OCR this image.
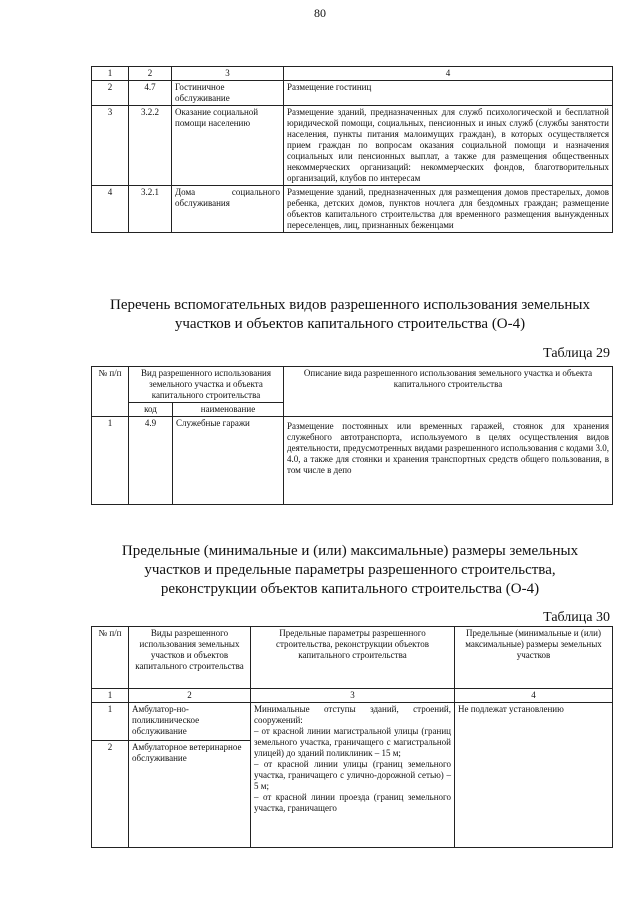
80
1	2	3	4
2	4.7	Гостиничное обслуживание	Размещение гостиниц
3	3.2.2	Оказание социальной помощи населению	Размещение зданий, предназначенных для служб психологической и бесплатной юридической помощи, социальных, пенсионных и иных служб (службы занятости населения, пункты питания малоимущих граждан), в которых осуществляется прием граждан по вопросам оказания социальной помощи и назначения социальных или пенсионных выплат, а также для размещения общественных некоммерческих организаций: некоммерческих фондов, благотворительных организаций, клубов по интересам
4	3.2.1	Дома социального обслуживания	Размещение зданий, предназначенных для размещения домов престарелых, домов ребенка, детских домов, пунктов ночлега для бездомных граждан; размещение объектов капитального строительства для временного размещения вынужденных переселенцев, лиц, признанных беженцами
Перечень вспомогательных видов разрешенного использования земельных участков и объектов капитального строительства (О-4)
Таблица 29
№ п/п	Вид разрешенного использования земельного участка и объекта капитального строительства		Описание вида разрешенного использования земельного участка и объекта капитального строительства
	код	наименование	
1	4.9	Служебные гаражи	Размещение постоянных или временных гаражей, стоянок для хранения служебного автотранспорта, используемого в целях осуществления видов деятельности, предусмотренных видами разрешенного использования с кодами 3.0, 4.0, а также для стоянки и хранения транспортных средств общего пользования, в том числе в депо
Предельные (минимальные и (или) максимальные) размеры земельных участков и предельные параметры разрешенного строительства, реконструкции объектов капитального строительства (О-4)
Таблица 30
№ п/п	Виды разрешенного использования земельных участков и объектов капитального строительства	Предельные параметры разрешенного строительства, реконструкции объектов капитального строительства	Предельные (минимальные и (или) максимальные) размеры земельных участков
1	2	3	4
1	Амбулатор-но-поликлиническое обслуживание	Минимальные отступы зданий, строений, сооружений:
– от красной линии магистральной улицы (границ земельного участка, граничащего с магистральной улицей) до зданий поликлиник – 15 м;
– от красной линии улицы (границ земельного участка, граничащего с улично-дорожной сетью) – 5 м;
– от красной линии проезда (границ земельного участка, граничащего	Не подлежат установлению
2	Амбулаторное ветеринарное обслуживание		
